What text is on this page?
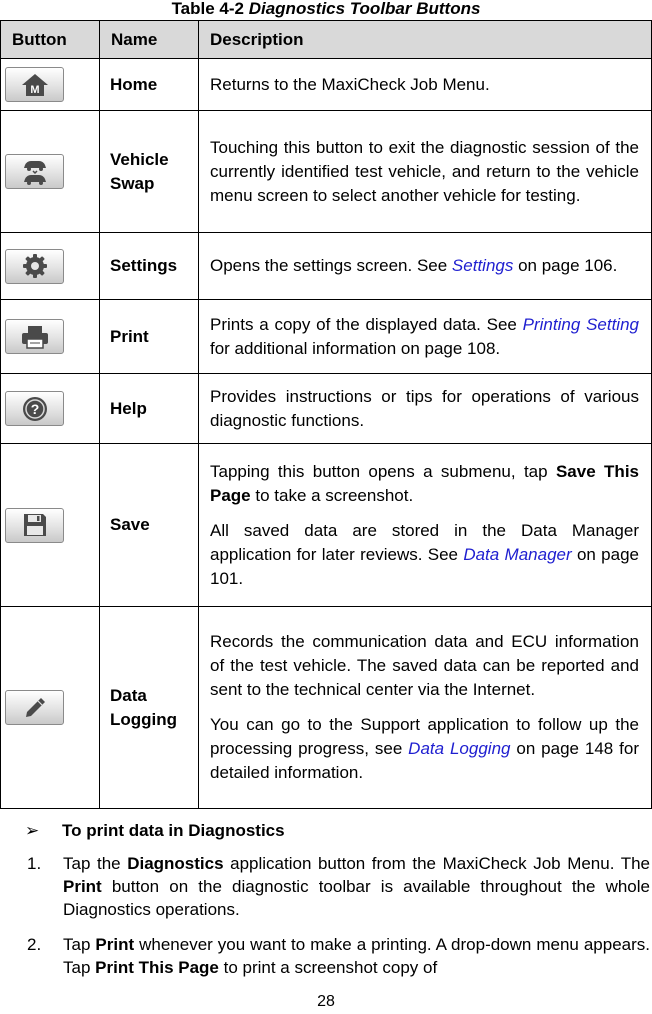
Table 4-2 Diagnostics Toolbar Buttons
Button	Name	Description

M	Home	Returns to the MaxiCheck Job Menu.

	Vehicle Swap	Touching this button to exit the diagnostic session of the currently identified test vehicle, and return to the vehicle menu screen to select another vehicle for testing.

	Settings	Opens the settings screen. See Settings on page 106.

	Print	Prints a copy of the displayed data. See Printing Setting for additional information on page 108.

?	Help	Provides instructions or tips for operations of various diagnostic functions.

	Save	Tapping this button opens a submenu, tap Save This Page to take a screenshot.

All saved data are stored in the Data Manager application for later reviews. See Data Manager on page 101.

	Data Logging	Records the communication data and ECU information of the test vehicle. The saved data can be reported and sent to the technical center via the Internet.

You can go to the Support application to follow up the processing progress, see Data Logging on page 148 for detailed information.

➢ To print data in Diagnostics
1. Tap the Diagnostics application button from the MaxiCheck Job Menu. The Print button on the diagnostic toolbar is available throughout the whole Diagnostics operations.
2. Tap Print whenever you want to make a printing. A drop-down menu appears. Tap Print This Page to print a screenshot copy of
28
